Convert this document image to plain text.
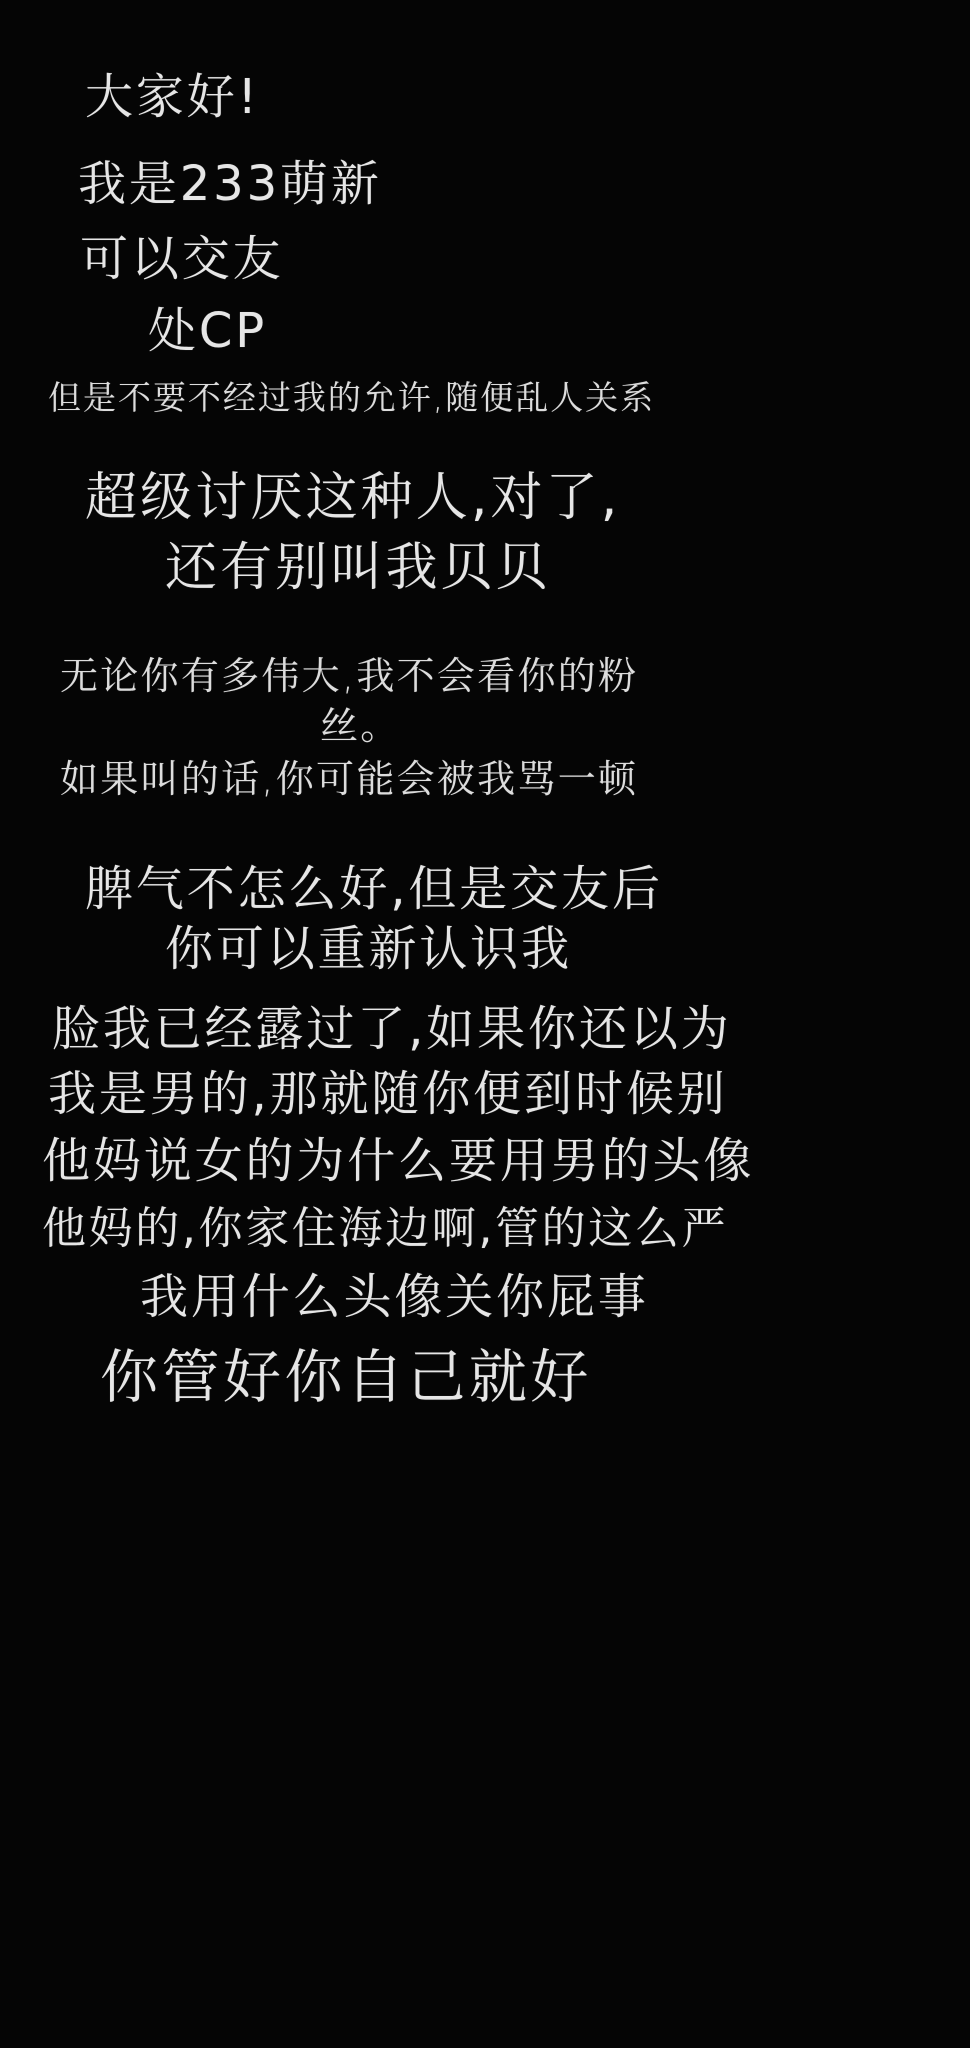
大家好!
我是233萌新
可以交友
处CP
但是不要不经过我的允许,随便乱人关系
超级讨厌这种人,对了,
还有别叫我贝贝
无论你有多伟大,我不会看你的粉
丝。
如果叫的话,你可能会被我骂一顿
脾气不怎么好,但是交友后
你可以重新认识我
脸我已经露过了,如果你还以为
我是男的,那就随你便到时候别
他妈说女的为什么要用男的头像
他妈的,你家住海边啊,管的这么严
我用什么头像关你屁事
你管好你自己就好
